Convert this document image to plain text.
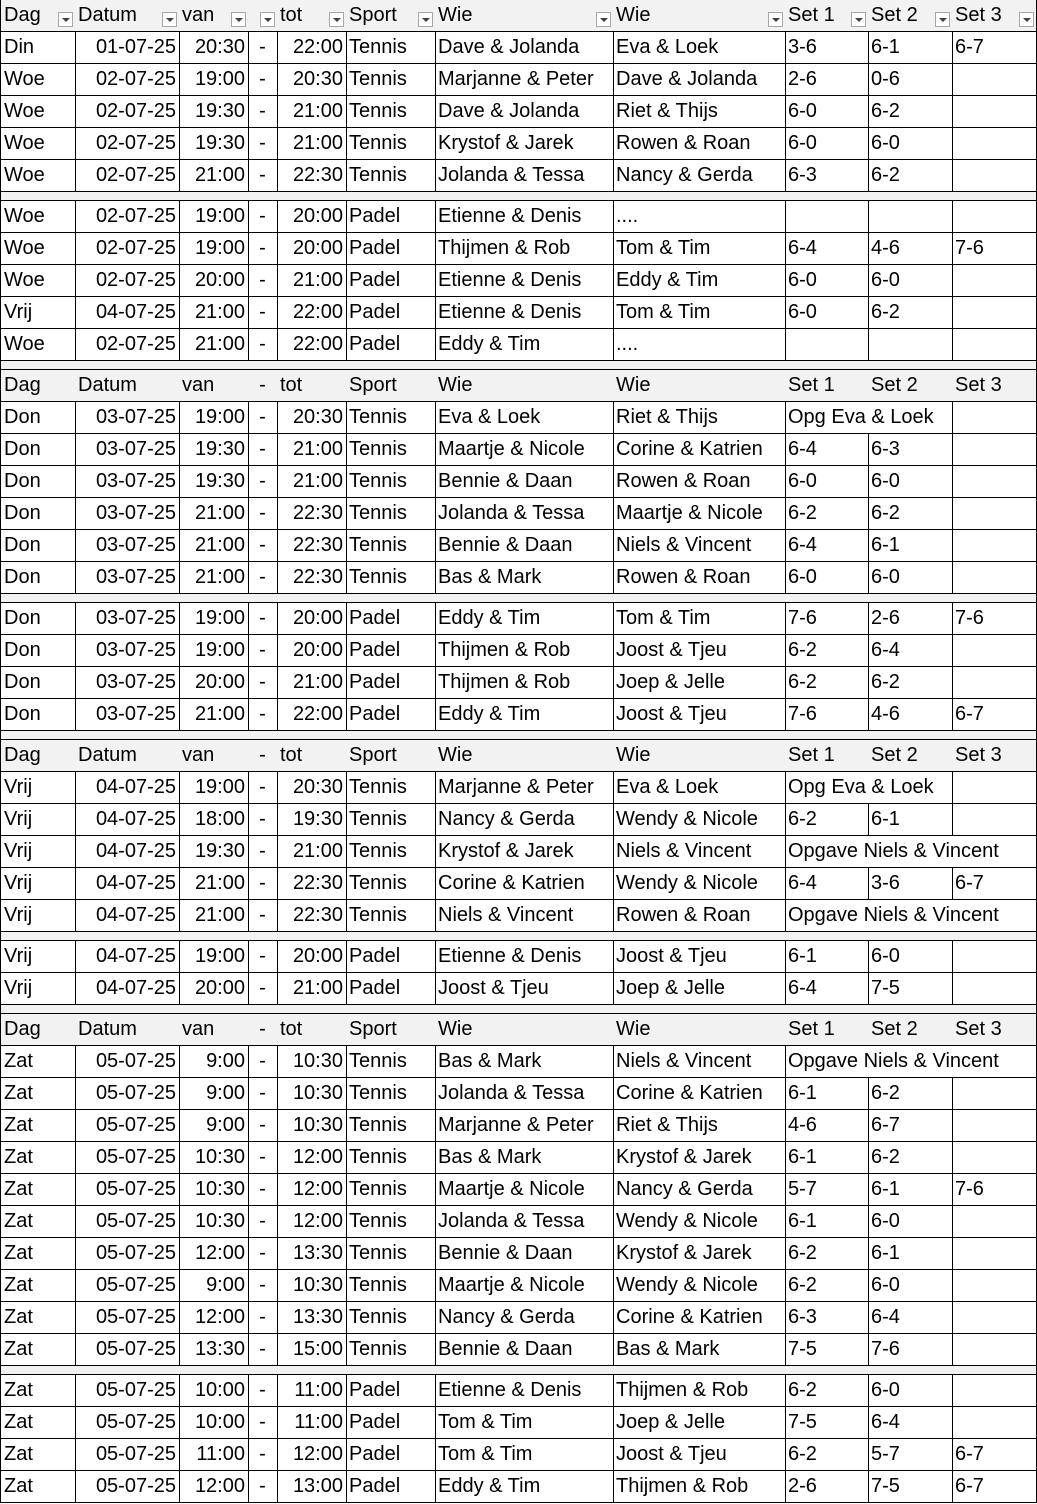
Dag	Datum	van	tot	Sport	Wie	Wie	Set 1	Set 2	Set 3
Din	01-07-25 20:30 -	22:00 Tennis	Dave & Jolanda	Eva & Loek	3-6	6-1	6-7
Woe	02-07-25 19:00 -	20:30 Tennis	Marjanne & Peter	Dave & Jolanda	2-6	0-6
Woe	02-07-25 19:30 -	21:00 Tennis	Dave & Jolanda	Riet & Thijs	6-0	6-2
Woe	02-07-25 19:30 -	21:00 Tennis	Krystof & Jarek	Rowen & Roan	6-0	6-0
Woe	02-07-25 21:00 -	22:30 Tennis	Jolanda & Tessa	Nancy & Gerda	6-3	6-2
Woe	02-07-25 19:00 -	20:00 Padel	Etienne & Denis	....
Woe	02-07-25 19:00 -	20:00 Padel	Thijmen & Rob	Tom & Tim	6-4	4-6	7-6
Woe	02-07-25 20:00 -	21:00 Padel	Etienne & Denis	Eddy & Tim	6-0	6-0
Vrij	04-07-25 21:00 -	22:00 Padel	Etienne & Denis	Tom & Tim	6-0	6-2
Woe	02-07-25 21:00 -	22:00 Padel	Eddy & Tim	....
Dag	Datum	van	- tot	Sport	Wie	Wie	Set 1	Set 2	Set 3
Don	03-07-25 19:00 -	20:30 Tennis	Eva & Loek	Riet & Thijs	Opg Eva & Loek
Don	03-07-25 19:30 -	21:00 Tennis	Maartje & Nicole	Corine & Katrien	6-4	6-3
Don	03-07-25 19:30 -	21:00 Tennis	Bennie & Daan	Rowen & Roan	6-0	6-0
Don	03-07-25 21:00 -	22:30 Tennis	Jolanda & Tessa	Maartje & Nicole	6-2	6-2
Don	03-07-25 21:00 -	22:30 Tennis	Bennie & Daan	Niels & Vincent	6-4	6-1
Don	03-07-25 21:00 -	22:30 Tennis	Bas & Mark	Rowen & Roan	6-0	6-0
Don	03-07-25 19:00 -	20:00 Padel	Eddy & Tim	Tom & Tim	7-6	2-6	7-6
Don	03-07-25 19:00 -	20:00 Padel	Thijmen & Rob	Joost & Tjeu	6-2	6-4
Don	03-07-25 20:00 -	21:00 Padel	Thijmen & Rob	Joep & Jelle	6-2	6-2
Don	03-07-25 21:00 -	22:00 Padel	Eddy & Tim	Joost & Tjeu	7-6	4-6	6-7
Dag	Datum	van	- tot	Sport	Wie	Wie	Set 1	Set 2	Set 3
Vrij	04-07-25 19:00 -	20:30 Tennis	Marjanne & Peter	Eva & Loek	Opg Eva & Loek
Vrij	04-07-25 18:00 -	19:30 Tennis	Nancy & Gerda	Wendy & Nicole	6-2	6-1
Vrij	04-07-25 19:30 -	21:00 Tennis	Krystof & Jarek	Niels & Vincent	Opgave Niels & Vincent
Vrij	04-07-25 21:00 -	22:30 Tennis	Corine & Katrien	Wendy & Nicole	6-4	3-6	6-7
Vrij	04-07-25 21:00 -	22:30 Tennis	Niels & Vincent	Rowen & Roan	Opgave Niels & Vincent
Vrij	04-07-25 19:00 -	20:00 Padel	Etienne & Denis	Joost & Tjeu	6-1	6-0
Vrij	04-07-25 20:00 -	21:00 Padel	Joost & Tjeu	Joep & Jelle	6-4	7-5
Dag	Datum	van	- tot	Sport	Wie	Wie	Set 1	Set 2	Set 3
Zat	05-07-25	9:00 -	10:30 Tennis	Bas & Mark	Niels & Vincent	Opgave Niels & Vincent
Zat	05-07-25	9:00 -	10:30 Tennis	Jolanda & Tessa	Corine & Katrien	6-1	6-2
Zat	05-07-25	9:00 -	10:30 Tennis	Marjanne & Peter	Riet & Thijs	4-6	6-7
Zat	05-07-25 10:30 -	12:00 Tennis	Bas & Mark	Krystof & Jarek	6-1	6-2
Zat	05-07-25 10:30 -	12:00 Tennis	Maartje & Nicole	Nancy & Gerda	5-7	6-1	7-6
Zat	05-07-25 10:30 -	12:00 Tennis	Jolanda & Tessa	Wendy & Nicole	6-1	6-0
Zat	05-07-25 12:00 -	13:30 Tennis	Bennie & Daan	Krystof & Jarek	6-2	6-1
Zat	05-07-25	9:00 -	10:30 Tennis	Maartje & Nicole	Wendy & Nicole	6-2	6-0
Zat	05-07-25 12:00 -	13:30 Tennis	Nancy & Gerda	Corine & Katrien	6-3	6-4
Zat	05-07-25 13:30 -	15:00 Tennis	Bennie & Daan	Bas & Mark	7-5	7-6
Zat	05-07-25 10:00 -	11:00 Padel	Etienne & Denis	Thijmen & Rob	6-2	6-0
Zat	05-07-25 10:00 -	11:00 Padel	Tom & Tim	Joep & Jelle	7-5	6-4
Zat	05-07-25	11:00 -	12:00 Padel	Tom & Tim	Joost & Tjeu	6-2	5-7	6-7
Zat	05-07-25 12:00 -	13:00 Padel	Eddy & Tim	Thijmen & Rob	2-6	7-5	6-7
